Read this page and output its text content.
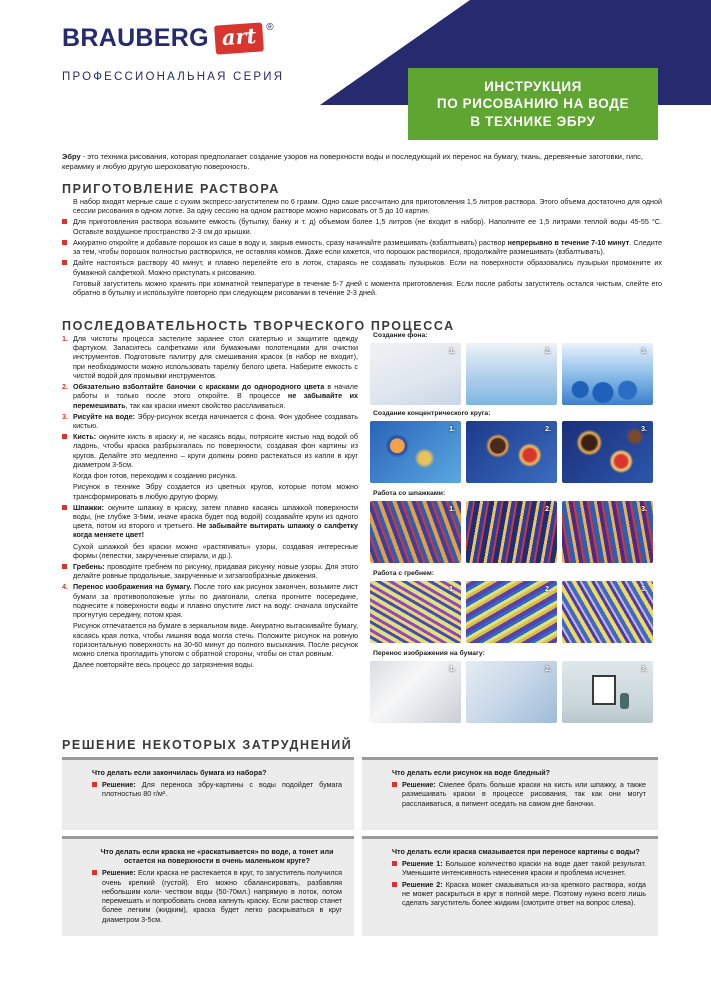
BRAUBERG art ®
ПРОФЕССИОНАЛЬНАЯ СЕРИЯ
ИНСТРУКЦИЯ
ПО РИСОВАНИЮ НА ВОДЕ
В ТЕХНИКЕ ЭБРУ
Эбру - это техника рисования, которая предполагает создание узоров на поверхности воды и последующий их перенос на бумагу, ткань, деревянные заготовки, гипс, керамику и любую другую шероховатую поверхность.
ПРИГОТОВЛЕНИЕ РАСТВОРА

В набор входят мерные саше с сухим экспресс-загустителем по 6 грамм. Одно саше рассчитано для приготовления 1,5 литров раствора. Этого объема достаточно для одной сессии рисования в одном лотке. За одну сессию на одном растворе можно нарисовать от 5 до 10 картин.

Для приготовления раствора возьмите емкость (бутылку, банку и т. д) объемом более 1,5 литров (не входит в набор). Наполните ее 1,5 литрами теплой воды 45-55 °С. Оставьте воздушное пространство 2-3 см до крышки.
Аккуратно откройте и добавьте порошок из саше в воду и, закрыв емкость, сразу начинайте размешивать (взбалтывать) раствор непрерывно в течение 7-10 минут. Следите за тем, чтобы порошок полностью растворился, не оставляя комков. Даже если кажется, что порошок растворился, продолжайте размешивать (взбалтывать).
Дайте настояться раствору 40 минут, и плавно перелейте его в лоток, стараясь не создавать пузырьков. Если на поверхности образовались пузырьки промокните их бумажной салфеткой. Можно приступать к рисованию.

Готовый загуститель можно хранить при комнатной температуре в течение 5-7 дней с момента приготовления. Если после работы загуститель остался чистым, слейте его обратно в бутылку и используйте повторно при следующем рисовании в течение 2-3 дней.

ПОСЛЕДОВАТЕЛЬНОСТЬ ТВОРЧЕСКОГО ПРОЦЕССА
1. Для чистоты процесса застелите заранее стол скатертью и защитите одежду фартуком. Запаситесь салфетками или бумажными полотенцами для очистки инструментов. Подготовьте палитру для смешивания красок (в набор не входит), при необходимости можно использовать тарелку белого цвета. Наберите емкость с чистой водой для промывки инструментов.
2. Обязательно взболтайте баночки с красками до однородного цвета в начале работы и только после этого откройте. В процессе не забывайте их перемешивать, так как краски имеют свойство расслаиваться.
3. Рисуйте на воде: Эбру-рисунок всегда начинается с фона. Фон удобнее создавать кистью.
Кисть: окуните кисть в краску и, не касаясь воды, потрясите кистью над водой об ладонь, чтобы краска разбрызгалась по поверхности, создавая фон картины из кругов. Делайте это медленно – круги должны ровно растекаться из капли в круг диаметром 3-5см.

Когда фон готов, переходим к созданию рисунка.

Рисунок в технике Эбру создается из цветных кругов, которые потом можно трансформировать в любую другую форму.

Шпажки: окуните шпажку в краску, затем плавно касаясь шпажкой поверхности воды, (не глубже 3-5мм, иначе краска будет под водой) создавайте круги из одного цвета, потом из второго и третьего. Не забывайте вытирать шпажку о салфетку когда меняете цвет!

Сухой шпажкой без краски можно «растягивать» узоры, создавая интересные формы (лепестки, закрученные спирали, и др.).

Гребень: проводите гребнем по рисунку, придавая рисунку новые узоры. Для этого делайте ровные продольные, закрученные и зигзагообразные движения.
4. Перенос изображения на бумагу. После того как рисунок закончен, возьмите лист бумаги за противоположные углы по диагонали, слегка прогните посередине, поднесите к поверхности воды и плавно опустите лист на воду: сначала опускайте прогнутую середину, потом края.

Рисунок отпечатается на бумаге в зеркальном виде. Аккуратно вытаскивайте бумагу, касаясь края лотка, чтобы лишняя вода могла стечь. Положите рисунок на ровную горизонтальную поверхность на 30-60 минут до полного высыхания. После рисунок можно слегка прогладить утюгом с обратной стороны, чтобы он стал ровным.

Далее повторяйте весь процесс до загрязнения воды.

Создание фона:
1.	2.	3.
Создание концентрического круга:
1.	2.	3.
Работа со шпажками:
1.	2.	3.
Работа с гребнем:
1.	2.	3.
Перенос изображения на бумагу:
1.	2.	3.
РЕШЕНИЕ НЕКОТОРЫХ ЗАТРУДНЕНИЙ
Что делать если закончилась бумага из набора?
Решение: Для переноса эбру-картины с воды подойдет бумага плотностью 80 г/м².
Что делать если рисунок на воде бледный?
Решение: Смелее брать больше краски на кисть или шпажку, а также размешивать краски в процессе рисования, так как они могут расслаиваться, а пигмент оседать на самом дне баночки.
Что делать если краска не «раскатывается» по воде, а тонет или остается на поверхности в очень маленьком круге?
Решение: Если краска не растекается в круг, то загуститель получился очень крепкий (густой). Его можно сбалансировать, разбавляя небольшим коли- чеством воды (50-70мл.) напрямую в лоток, потом перемешать и попробовать снова капнуть краску. Если раствор станет более легким (жидким), краска будет легко раскрываться в круг диаметром 3-5см.
Что делать если краска смазывается при переносе картины с воды?
Решение 1: Большое количество краски на воде дает такой результат. Уменьшите интенсивность нанесения краски и проблема исчезнет.
Решение 2: Краска может смазываться из-за крепкого раствора, когда не может раскрыться в круг в полной мере. Поэтому нужно всего лишь сделать загуститель более жидким (смотрите ответ на вопрос слева).
